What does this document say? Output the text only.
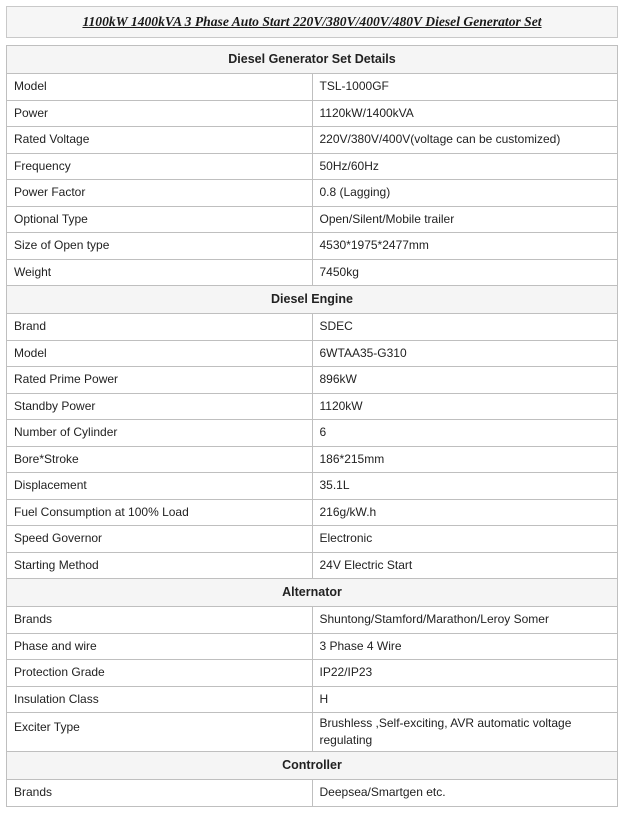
1100kW 1400kVA 3 Phase Auto Start 220V/380V/400V/480V Diesel Generator Set
Diesel Generator Set Details	
Model	TSL-1000GF
Power	1120kW/1400kVA
Rated Voltage	220V/380V/400V(voltage can be customized)
Frequency	50Hz/60Hz
Power Factor	0.8 (Lagging)
Optional Type	Open/Silent/Mobile trailer
Size of Open type	4530*1975*2477mm
Weight	7450kg
Diesel Engine	
Brand	SDEC
Model	6WTAA35-G310
Rated Prime Power	896kW
Standby Power	1120kW
Number of Cylinder	6
Bore*Stroke	186*215mm
Displacement	35.1L
Fuel Consumption at 100% Load	216g/kW.h
Speed Governor	Electronic
Starting Method	24V Electric Start
Alternator	
Brands	Shuntong/Stamford/Marathon/Leroy Somer
Phase and wire	3 Phase 4 Wire
Protection Grade	IP22/IP23
Insulation Class	H
Exciter Type	Brushless ,Self-exciting, AVR automatic voltage regulating
Controller	
Brands	Deepsea/Smartgen etc.
